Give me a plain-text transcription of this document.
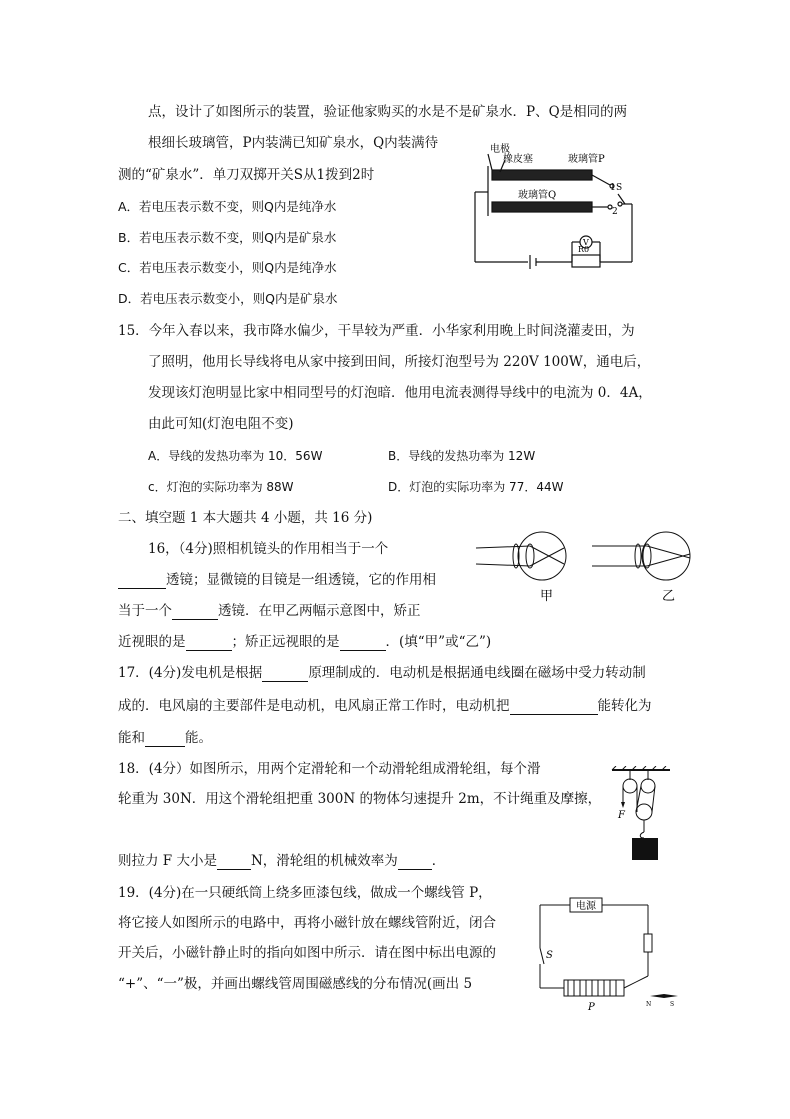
点，设计了如图所示的装置，验证他家购买的水是不是矿泉水．P、Q是相同的两
根细长玻璃管，P内装满已知矿泉水，Q内装满待
测的“矿泉水”．单刀双掷开关S从1拨到2时
A．若电压表示数不变，则Q内是纯净水
B．若电压表示数不变，则Q内是矿泉水
C．若电压表示数变小，则Q内是纯净水
D．若电压表示数变小，则Q内是矿泉水
电极
橡皮塞	玻璃管P
玻璃管Q
S
1
2
V
R0
15．今年入春以来，我市降水偏少，干旱较为严重．小华家利用晚上时间浇灌麦田，为
了照明，他用长导线将电从家中接到田间，所接灯泡型号为 220V 100W，通电后，
发现该灯泡明显比家中相同型号的灯泡暗．他用电流表测得导线中的电流为 0．4A，
由此可知(灯泡电阻不变)
A．导线的发热功率为 10．56W	B．导线的发热功率为 12W
c．灯泡的实际功率为 88W	D．灯泡的实际功率为 77．44W
二、填空题 1 本大题共 4 小题，共 16 分)
16，（4分)照相机镜头的作用相当于一个
透镜；显微镜的目镜是一组透镜，它的作用相
当于一个	透镜．在甲乙两幅示意图中，矫正
近视眼的是	；矫正远视眼的是	．(填“甲”或“乙”)
甲	乙
17．(4分)发电机是根据	原理制成的．电动机是根据通电线圈在磁场中受力转动制
成的．电风扇的主要部件是电动机，电风扇正常工作时，电动机把	能转化为
能和	能。
18．(4分）如图所示，用两个定滑轮和一个动滑轮组成滑轮组，每个滑
轮重为 30N．用这个滑轮组把重 300N 的物体匀速提升 2m，不计绳重及摩擦，
则拉力 F 大小是	N，滑轮组的机械效率为	．
F
19．(4分)在一只硬纸筒上绕多匝漆包线，做成一个螺线管 P，
将它接人如图所示的电路中，再将小磁针放在螺线管附近，闭合
开关后，小磁针静止时的指向如图中所示．请在图中标出电源的
“+”、“一”极，并画出螺线管周围磁感线的分布情况(画出 5
电源
S
P	N	S
